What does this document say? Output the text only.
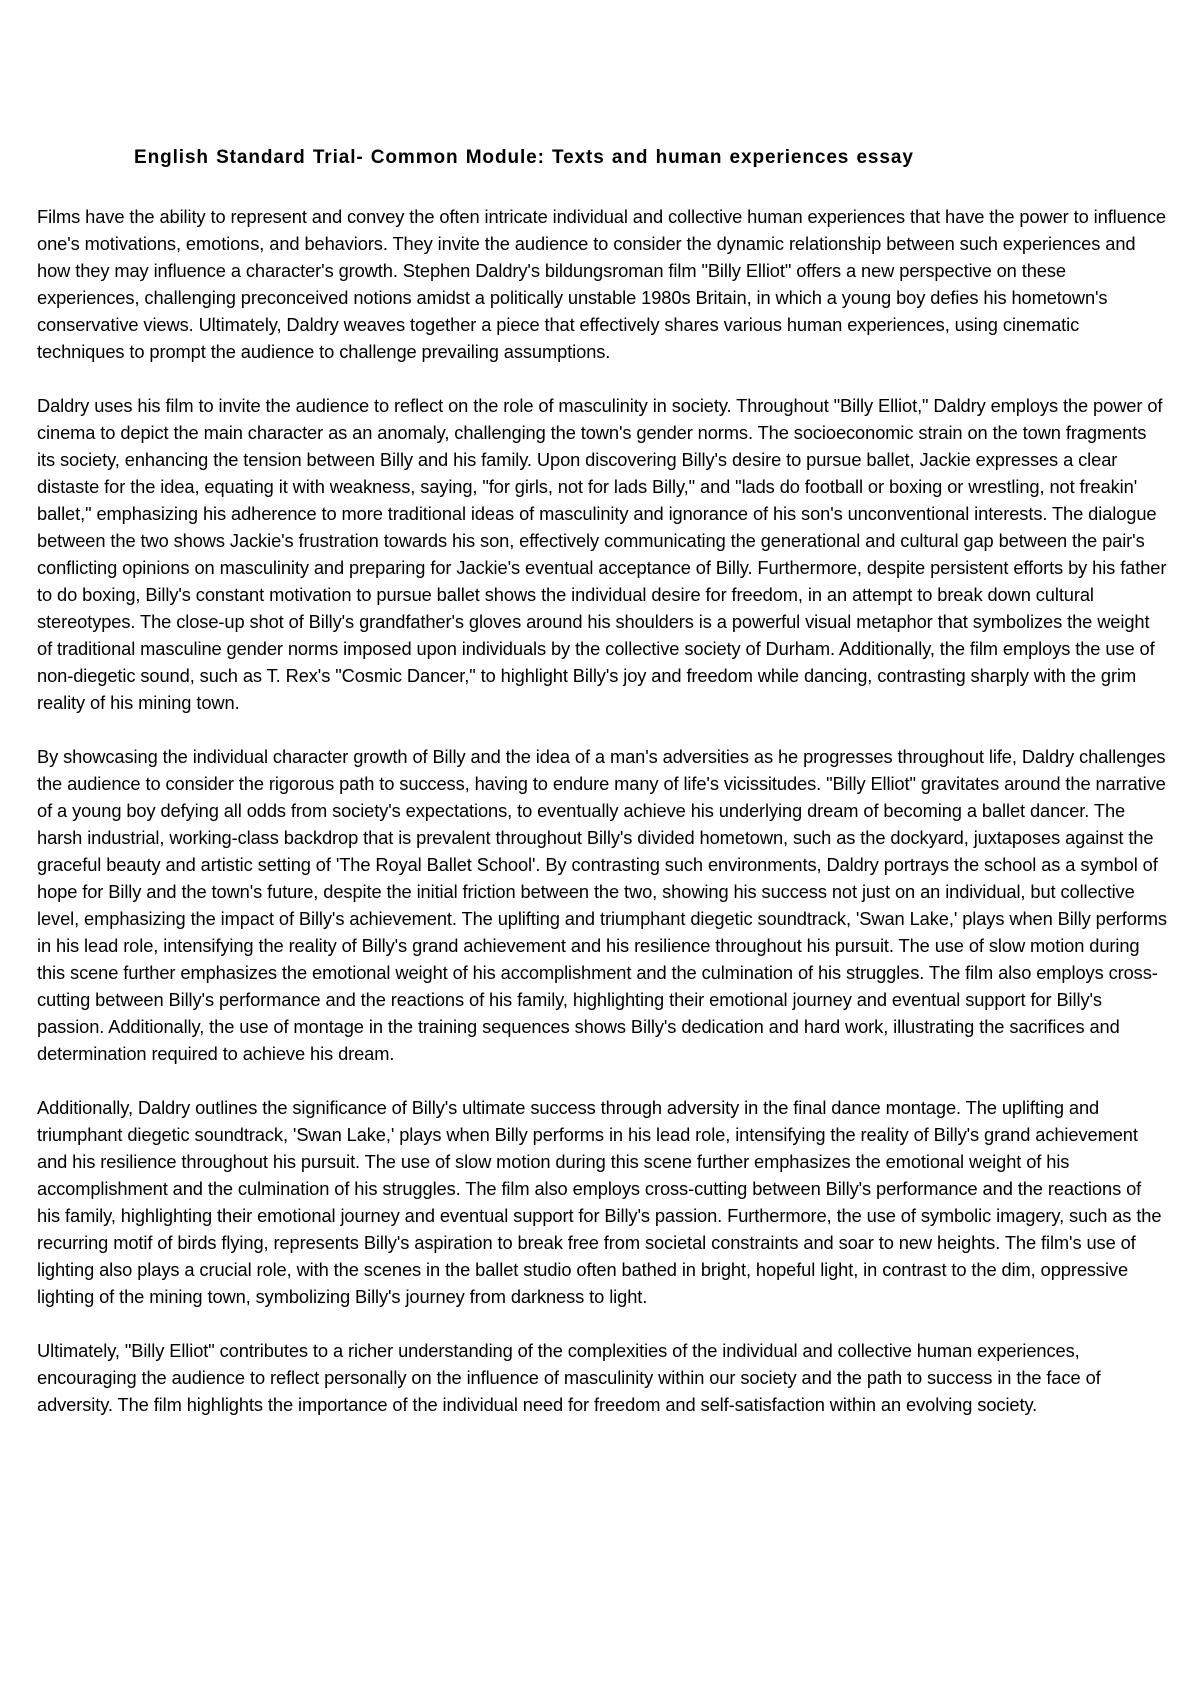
English Standard Trial- Common Module: Texts and human experiences essay

Films have the ability to represent and convey the often intricate individual and collective human experiences that have the power to influence one's motivations, emotions, and behaviors. They invite the audience to consider the dynamic relationship between such experiences and how they may influence a character's growth. Stephen Daldry's bildungsroman film "Billy Elliot" offers a new perspective on these experiences, challenging preconceived notions amidst a politically unstable 1980s Britain, in which a young boy defies his hometown's conservative views. Ultimately, Daldry weaves together a piece that effectively shares various human experiences, using cinematic techniques to prompt the audience to challenge prevailing assumptions.

Daldry uses his film to invite the audience to reflect on the role of masculinity in society. Throughout "Billy Elliot," Daldry employs the power of cinema to depict the main character as an anomaly, challenging the town's gender norms. The socioeconomic strain on the town fragments its society, enhancing the tension between Billy and his family. Upon discovering Billy's desire to pursue ballet, Jackie expresses a clear distaste for the idea, equating it with weakness, saying, "for girls, not for lads Billy," and "lads do football or boxing or wrestling, not freakin' ballet," emphasizing his adherence to more traditional ideas of masculinity and ignorance of his son's unconventional interests. The dialogue between the two shows Jackie's frustration towards his son, effectively communicating the generational and cultural gap between the pair's conflicting opinions on masculinity and preparing for Jackie's eventual acceptance of Billy. Furthermore, despite persistent efforts by his father to do boxing, Billy's constant motivation to pursue ballet shows the individual desire for freedom, in an attempt to break down cultural stereotypes. The close-up shot of Billy's grandfather's gloves around his shoulders is a powerful visual metaphor that symbolizes the weight of traditional masculine gender norms imposed upon individuals by the collective society of Durham. Additionally, the film employs the use of non-diegetic sound, such as T. Rex's "Cosmic Dancer," to highlight Billy's joy and freedom while dancing, contrasting sharply with the grim reality of his mining town.

By showcasing the individual character growth of Billy and the idea of a man's adversities as he progresses throughout life, Daldry challenges the audience to consider the rigorous path to success, having to endure many of life's vicissitudes. "Billy Elliot" gravitates around the narrative of a young boy defying all odds from society's expectations, to eventually achieve his underlying dream of becoming a ballet dancer. The harsh industrial, working-class backdrop that is prevalent throughout Billy's divided hometown, such as the dockyard, juxtaposes against the graceful beauty and artistic setting of 'The Royal Ballet School'. By contrasting such environments, Daldry portrays the school as a symbol of hope for Billy and the town's future, despite the initial friction between the two, showing his success not just on an individual, but collective level, emphasizing the impact of Billy's achievement. The uplifting and triumphant diegetic soundtrack, 'Swan Lake,' plays when Billy performs in his lead role, intensifying the reality of Billy's grand achievement and his resilience throughout his pursuit. The use of slow motion during this scene further emphasizes the emotional weight of his accomplishment and the culmination of his struggles. The film also employs cross-cutting between Billy's performance and the reactions of his family, highlighting their emotional journey and eventual support for Billy's passion. Additionally, the use of montage in the training sequences shows Billy's dedication and hard work, illustrating the sacrifices and determination required to achieve his dream.

Additionally, Daldry outlines the significance of Billy's ultimate success through adversity in the final dance montage. The uplifting and triumphant diegetic soundtrack, 'Swan Lake,' plays when Billy performs in his lead role, intensifying the reality of Billy's grand achievement and his resilience throughout his pursuit. The use of slow motion during this scene further emphasizes the emotional weight of his accomplishment and the culmination of his struggles. The film also employs cross-cutting between Billy's performance and the reactions of his family, highlighting their emotional journey and eventual support for Billy's passion. Furthermore, the use of symbolic imagery, such as the recurring motif of birds flying, represents Billy's aspiration to break free from societal constraints and soar to new heights. The film's use of lighting also plays a crucial role, with the scenes in the ballet studio often bathed in bright, hopeful light, in contrast to the dim, oppressive lighting of the mining town, symbolizing Billy's journey from darkness to light.

Ultimately, "Billy Elliot" contributes to a richer understanding of the complexities of the individual and collective human experiences, encouraging the audience to reflect personally on the influence of masculinity within our society and the path to success in the face of adversity. The film highlights the importance of the individual need for freedom and self-satisfaction within an evolving society.
